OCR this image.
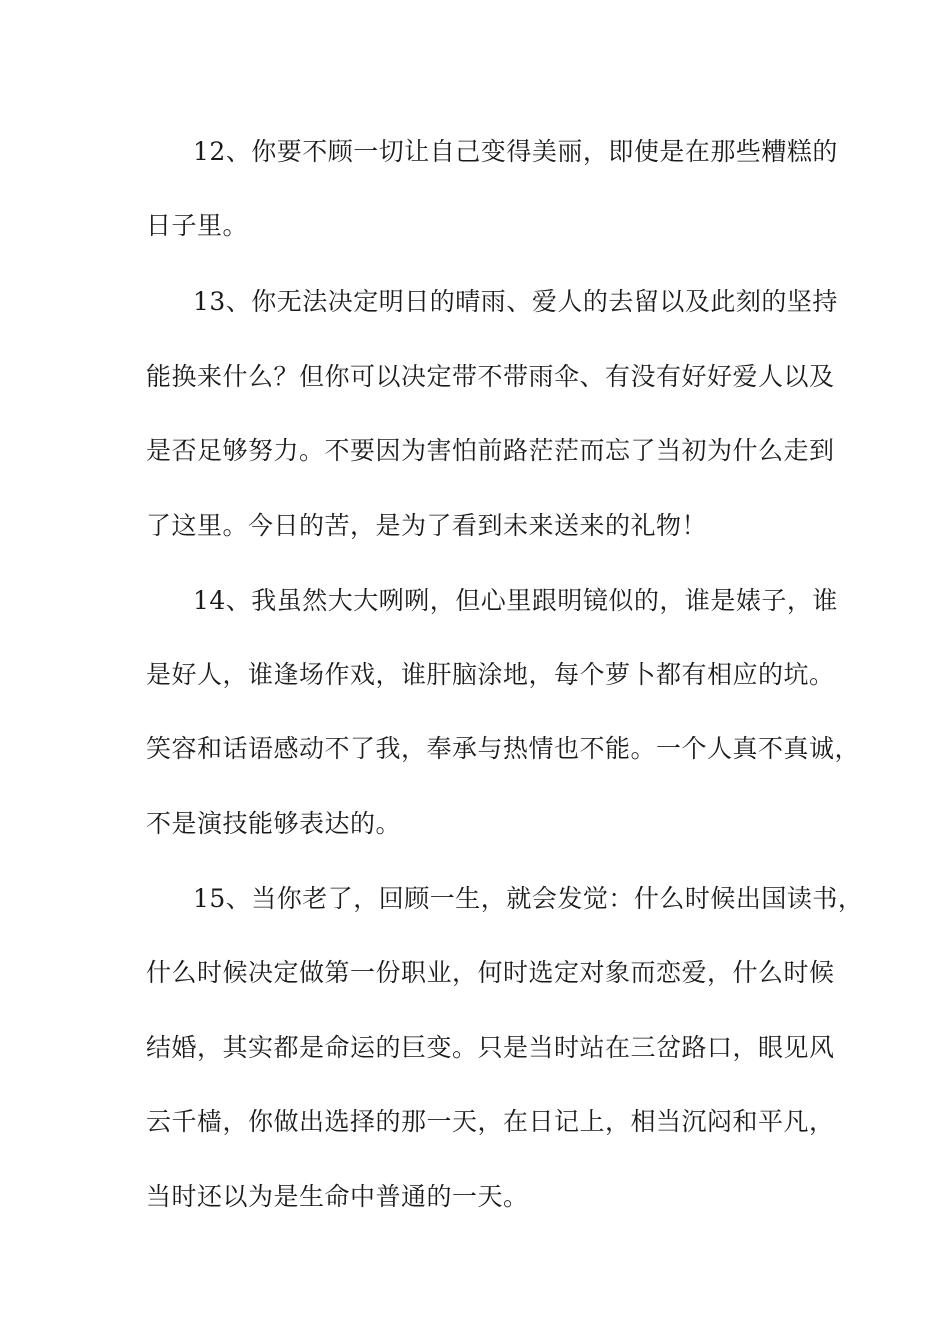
12、你要不顾一切让自己变得美丽，即使是在那些糟糕的
日子里。
13、你无法决定明日的晴雨、爱人的去留以及此刻的坚持
能换来什么？但你可以决定带不带雨伞、有没有好好爱人以及
是否足够努力。不要因为害怕前路茫茫而忘了当初为什么走到
了这里。今日的苦，是为了看到未来送来的礼物！
14、我虽然大大咧咧，但心里跟明镜似的，谁是婊子，谁
是好人，谁逢场作戏，谁肝脑涂地，每个萝卜都有相应的坑。
笑容和话语感动不了我，奉承与热情也不能。一个人真不真诚，
不是演技能够表达的。
15、当你老了，回顾一生，就会发觉：什么时候出国读书，
什么时候决定做第一份职业，何时选定对象而恋爱，什么时候
结婚，其实都是命运的巨变。只是当时站在三岔路口，眼见风
云千樯，你做出选择的那一天，在日记上，相当沉闷和平凡，
当时还以为是生命中普通的一天。
